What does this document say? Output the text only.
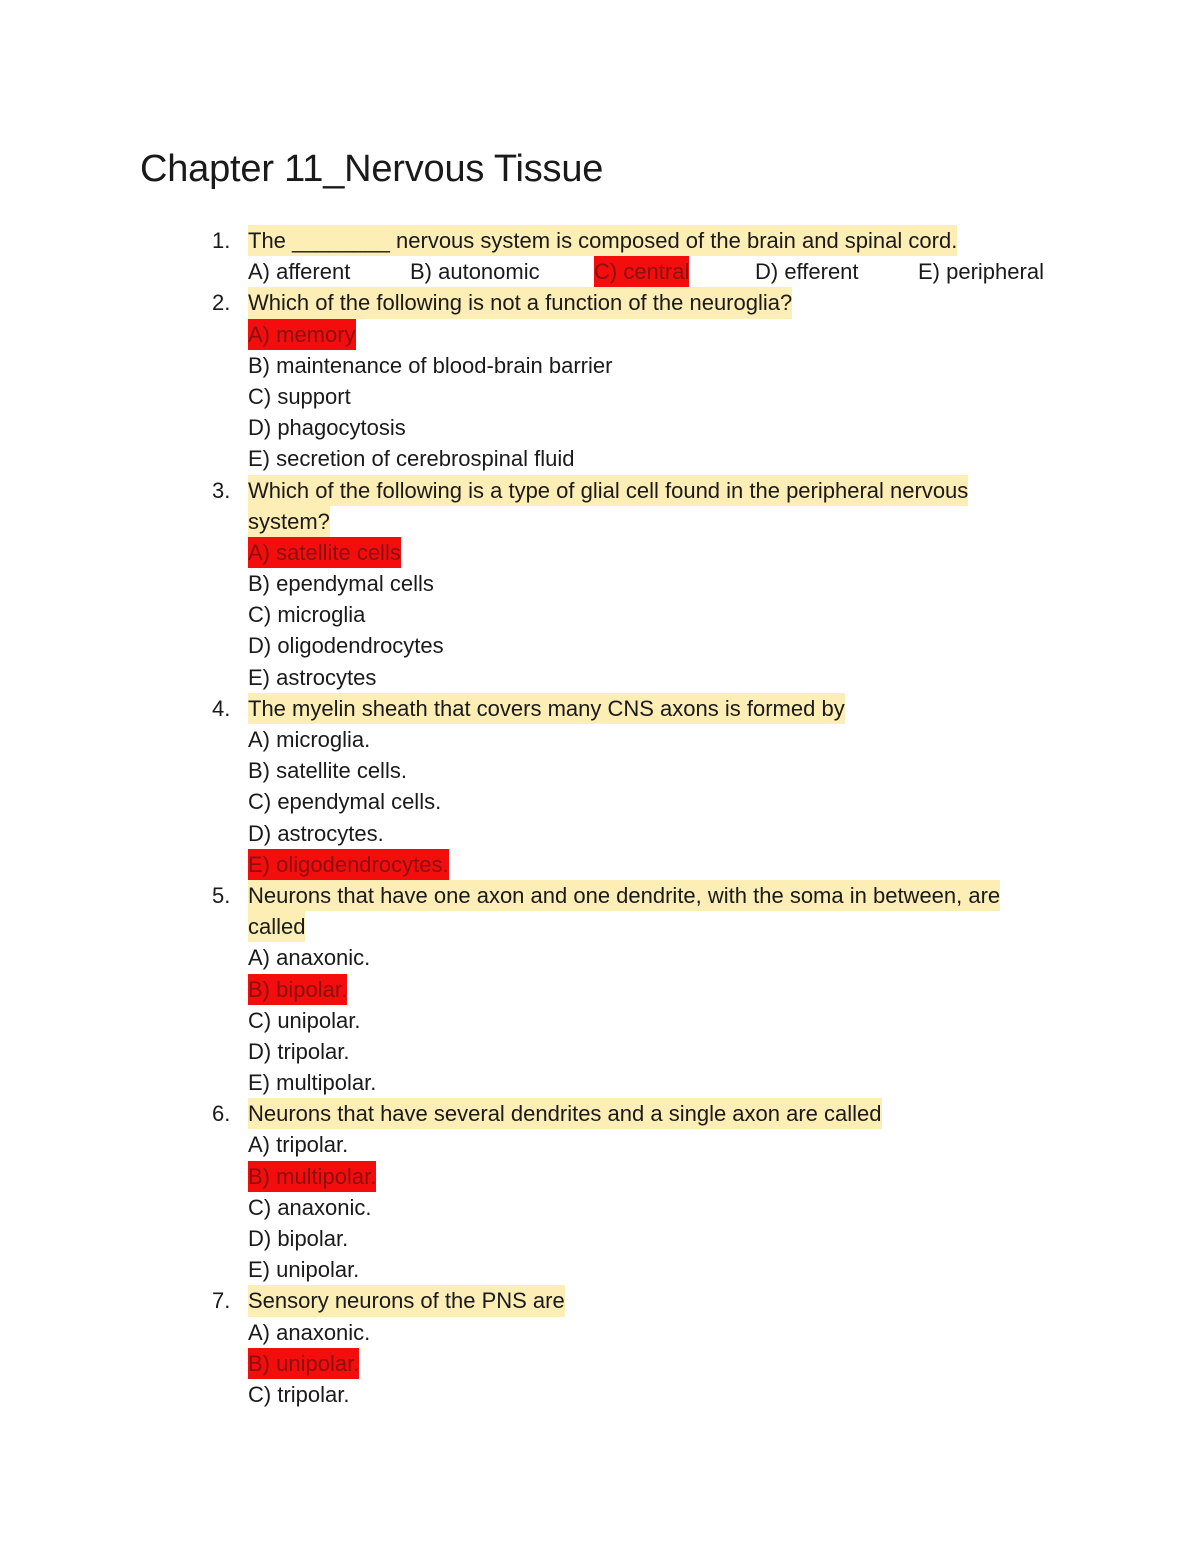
Chapter 11_Nervous Tissue
1. The ________ nervous system is composed of the brain and spinal cord.
A) afferent	B) autonomic C) central	D) efferent	E) peripheral
2. Which of the following is not a function of the neuroglia?
A) memory
B) maintenance of blood-brain barrier
C) support
D) phagocytosis
E) secretion of cerebrospinal fluid
3. Which of the following is a type of glial cell found in the peripheral nervous
system?
A) satellite cells
B) ependymal cells
C) microglia
D) oligodendrocytes
E) astrocytes
4. The myelin sheath that covers many CNS axons is formed by
A) microglia.
B) satellite cells.
C) ependymal cells.
D) astrocytes.
E) oligodendrocytes.
5. Neurons that have one axon and one dendrite, with the soma in between, are
called
A) anaxonic.
B) bipolar.
C) unipolar.
D) tripolar.
E) multipolar.
6. Neurons that have several dendrites and a single axon are called
A) tripolar.
B) multipolar.
C) anaxonic.
D) bipolar.
E) unipolar.
7. Sensory neurons of the PNS are
A) anaxonic.
B) unipolar.
C) tripolar.
